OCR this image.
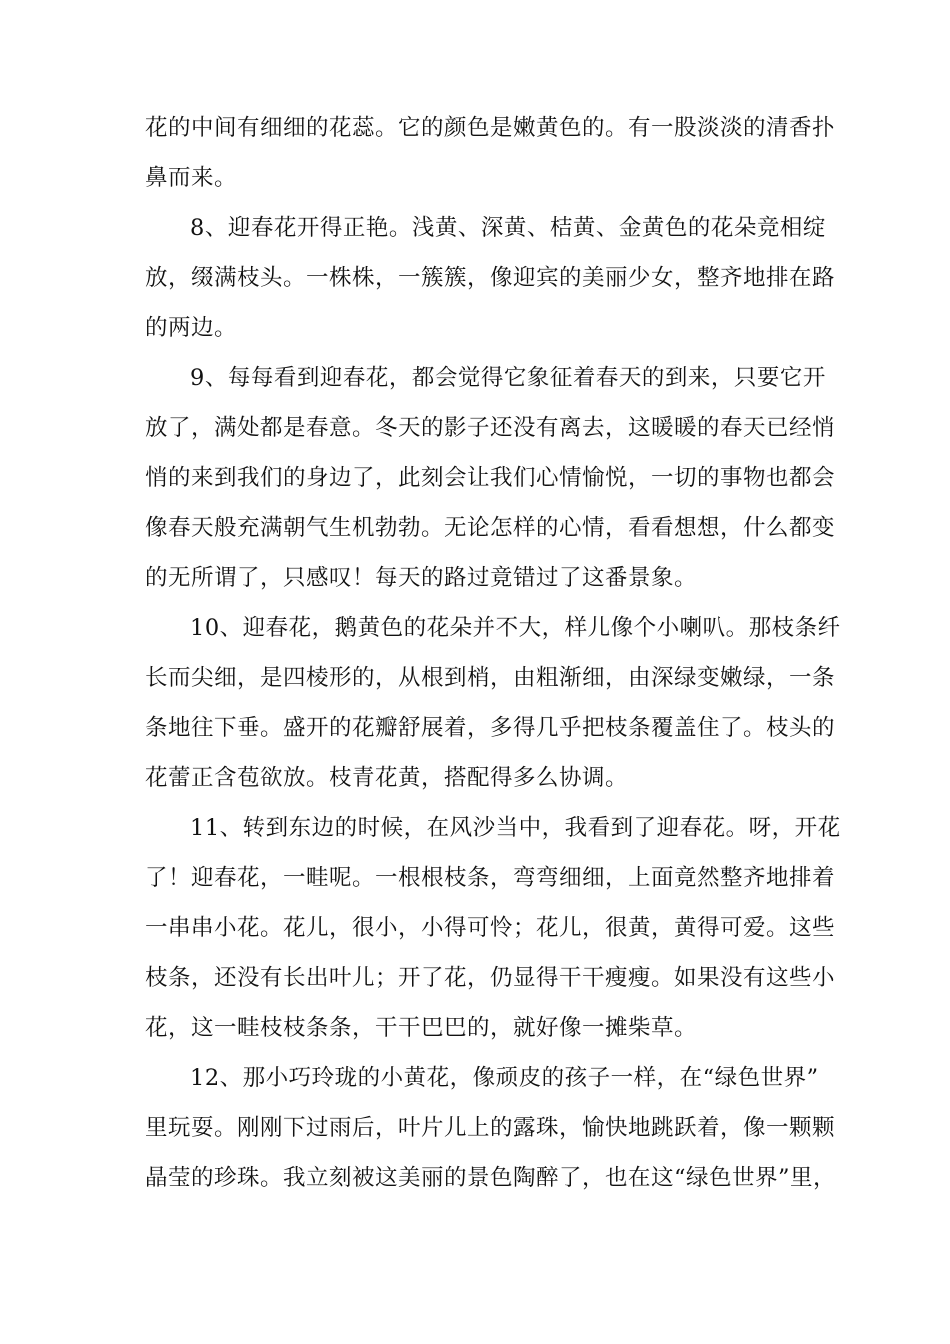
花的中间有细细的花蕊。它的颜色是嫩黄色的。有一股淡淡的清香扑
鼻而来。
8、迎春花开得正艳。浅黄、深黄、桔黄、金黄色的花朵竞相绽
放，缀满枝头。一株株，一簇簇，像迎宾的美丽少女，整齐地排在路
的两边。
9、每每看到迎春花，都会觉得它象征着春天的到来，只要它开
放了，满处都是春意。冬天的影子还没有离去，这暖暖的春天已经悄
悄的来到我们的身边了，此刻会让我们心情愉悦，一切的事物也都会
像春天般充满朝气生机勃勃。无论怎样的心情，看看想想，什么都变
的无所谓了，只感叹！每天的路过竟错过了这番景象。
10、迎春花，鹅黄色的花朵并不大，样儿像个小喇叭。那枝条纤
长而尖细，是四棱形的，从根到梢，由粗渐细，由深绿变嫩绿，一条
条地往下垂。盛开的花瓣舒展着，多得几乎把枝条覆盖住了。枝头的
花蕾正含苞欲放。枝青花黄，搭配得多么协调。
11、转到东边的时候，在风沙当中，我看到了迎春花。呀，开花
了！迎春花，一畦呢。一根根枝条，弯弯细细，上面竟然整齐地排着
一串串小花。花儿，很小，小得可怜；花儿，很黄，黄得可爱。这些
枝条，还没有长出叶儿；开了花，仍显得干干瘦瘦。如果没有这些小
花，这一畦枝枝条条，干干巴巴的，就好像一摊柴草。
12、那小巧玲珑的小黄花，像顽皮的孩子一样，在“绿色世界”
里玩耍。刚刚下过雨后，叶片儿上的露珠，愉快地跳跃着，像一颗颗
晶莹的珍珠。我立刻被这美丽的景色陶醉了，也在这“绿色世界”里，
